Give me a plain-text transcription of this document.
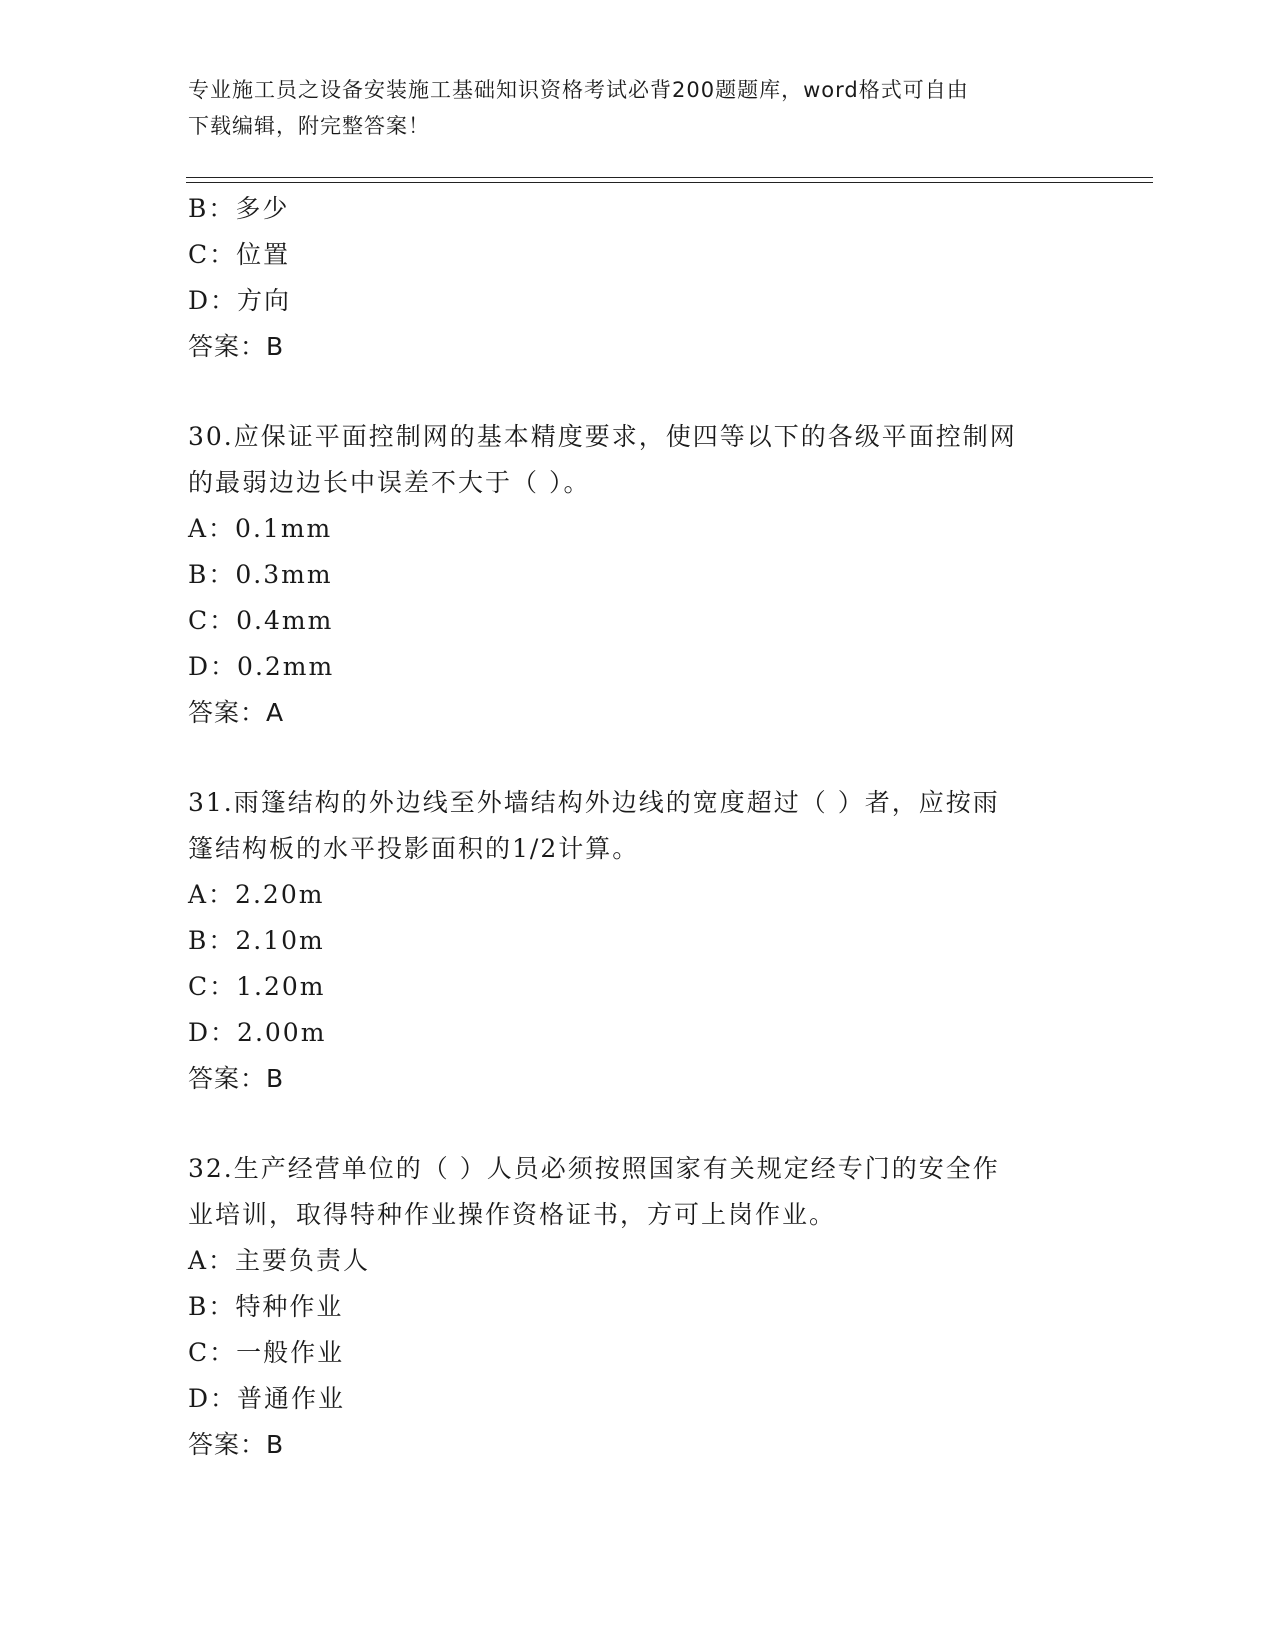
专业施工员之设备安装施工基础知识资格考试必背200题题库，word格式可自由
下载编辑，附完整答案！
B：多少
C：位置
D：方向
答案：B
30.应保证平面控制网的基本精度要求，使四等以下的各级平面控制网
的最弱边边长中误差不大于（ ）。
A：0.1mm
B：0.3mm
C：0.4mm
D：0.2mm
答案：A
31.雨篷结构的外边线至外墙结构外边线的宽度超过（ ）者，应按雨
篷结构板的水平投影面积的1/2计算。
A：2.20m
B：2.10m
C：1.20m
D：2.00m
答案：B
32.生产经营单位的（ ）人员必须按照国家有关规定经专门的安全作
业培训，取得特种作业操作资格证书，方可上岗作业。
A：主要负责人
B：特种作业
C：一般作业
D：普通作业
答案：B
